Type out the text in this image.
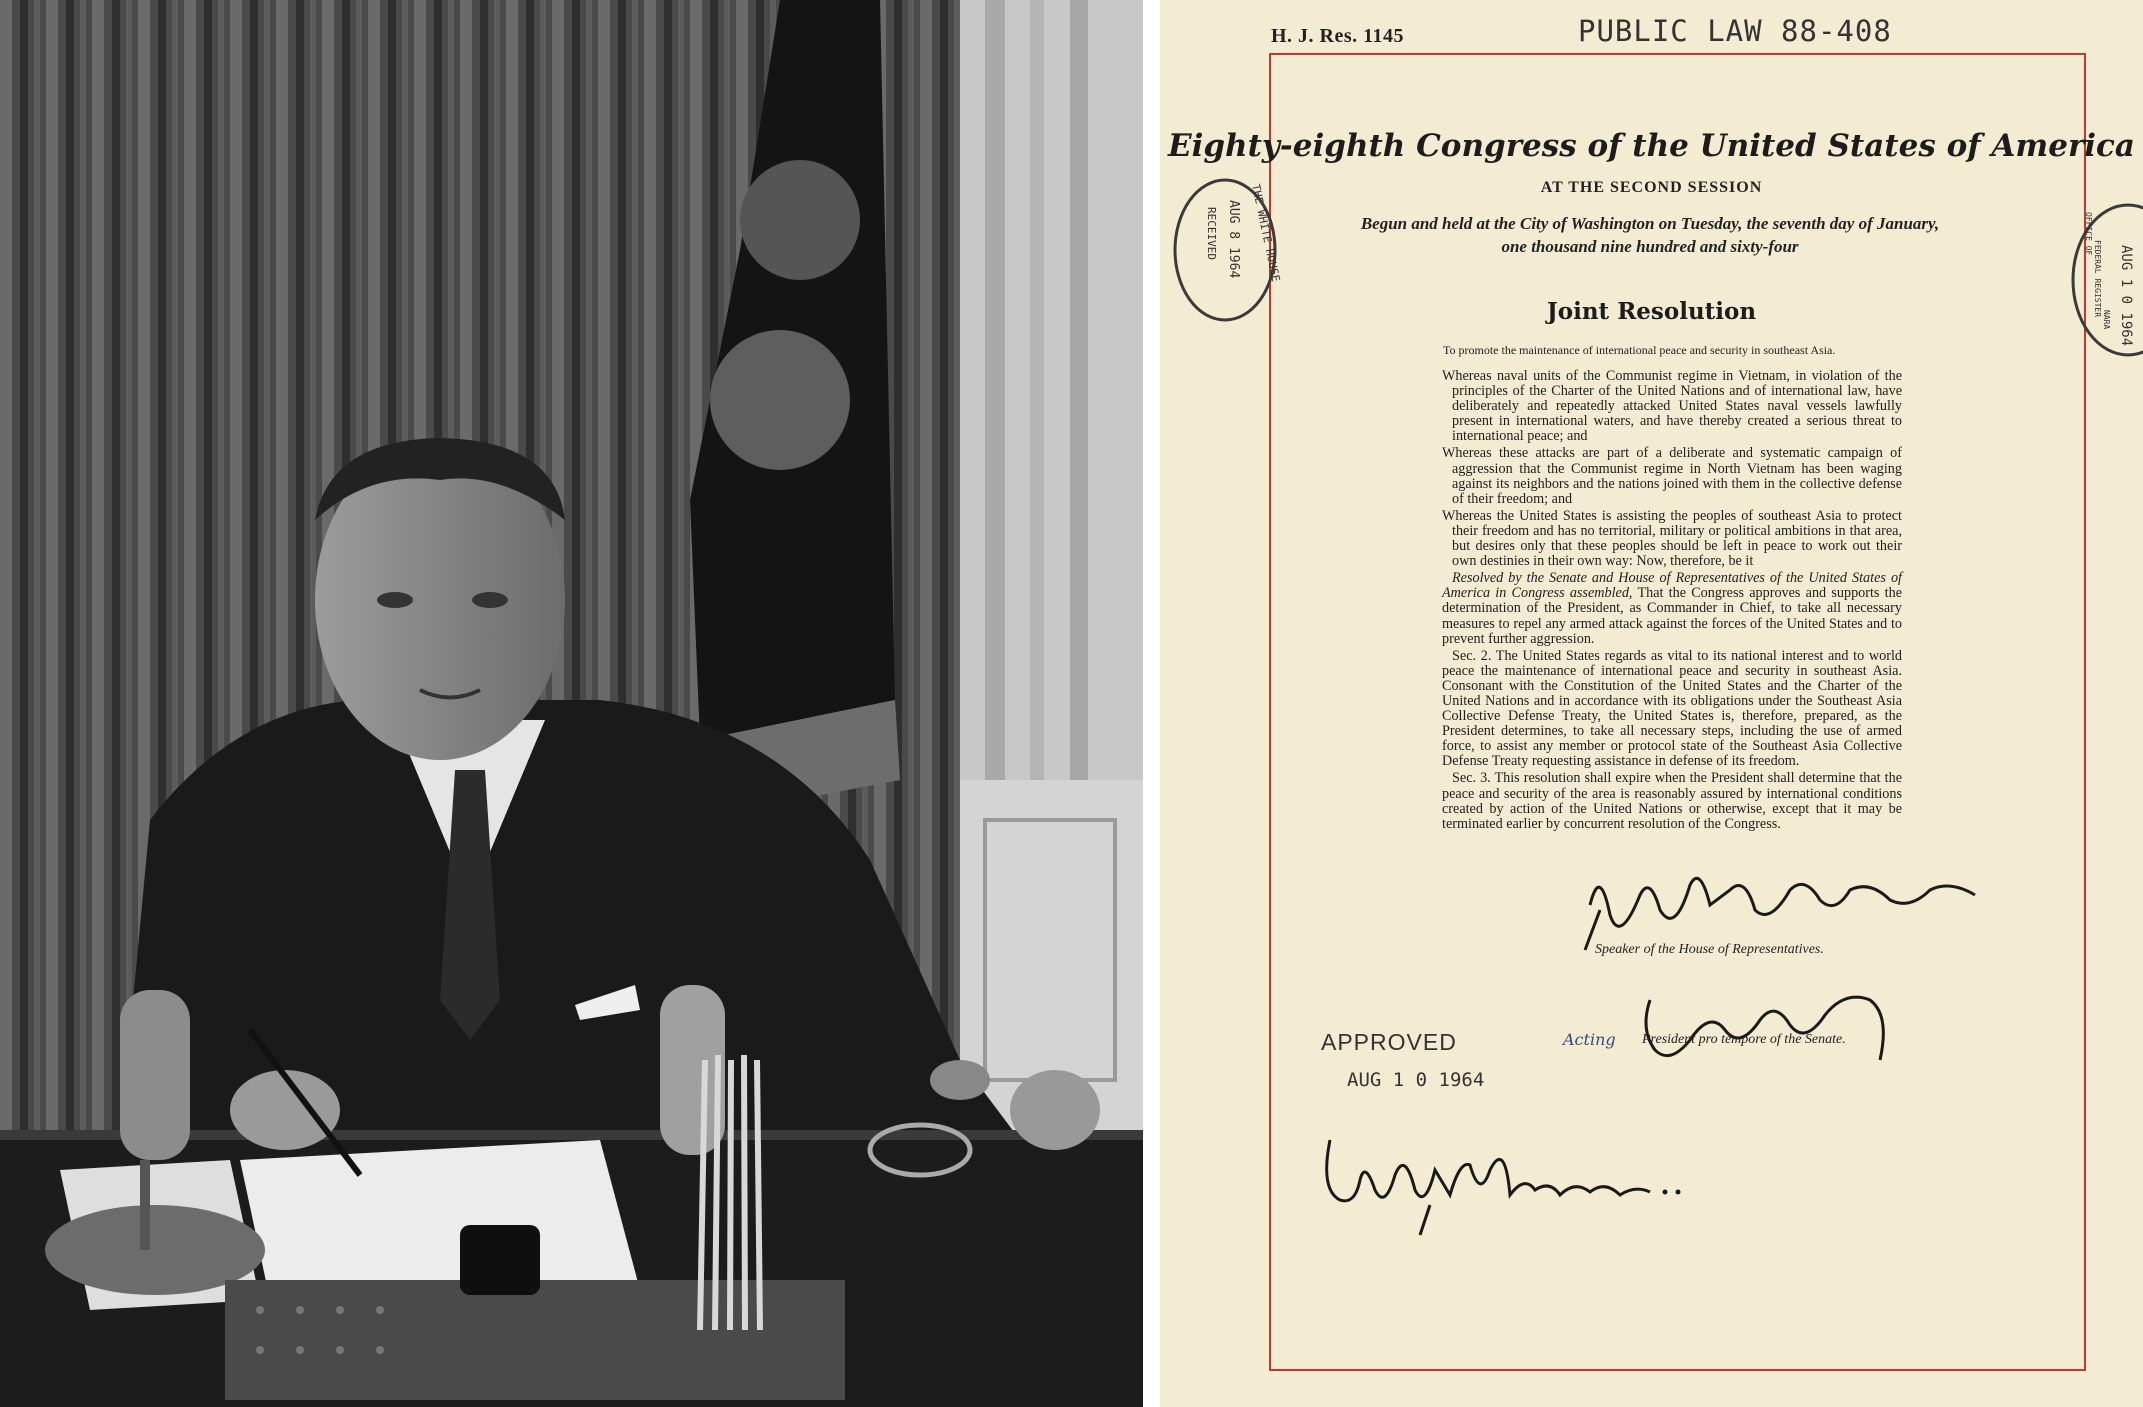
H. J. Res. 1145	PUBLIC LAW 88-408
THE WHITE HOUSE
AUG 8 1964
RECEIVED	OFFICE OF
FEDERAL REGISTER
NARA AUG 1 0 1964
Eighty-eighth Congress of the United States of America
AT THE SECOND SESSION
Begun and held at the City of Washington on Tuesday, the seventh day of January,
one thousand nine hundred and sixty-four
Joint Resolution
To promote the maintenance of international peace and security in southeast Asia.

Whereas naval units of the Communist regime in Vietnam, in violation of the principles of the Charter of the United Nations and of international law, have deliberately and repeatedly attacked United States naval vessels lawfully present in international waters, and have thereby created a serious threat to international peace; and

Whereas these attacks are part of a deliberate and systematic campaign of aggression that the Communist regime in North Vietnam has been waging against its neighbors and the nations joined with them in the collective defense of their freedom; and

Whereas the United States is assisting the peoples of southeast Asia to protect their freedom and has no territorial, military or political ambitions in that area, but desires only that these peoples should be left in peace to work out their own destinies in their own way: Now, therefore, be it

Resolved by the Senate and House of Representatives of the United States of America in Congress assembled, That the Congress approves and supports the determination of the President, as Commander in Chief, to take all necessary measures to repel any armed attack against the forces of the United States and to prevent further aggression.

Sec. 2. The United States regards as vital to its national interest and to world peace the maintenance of international peace and security in southeast Asia. Consonant with the Constitution of the United States and the Charter of the United Nations and in accordance with its obligations under the Southeast Asia Collective Defense Treaty, the United States is, therefore, prepared, as the President determines, to take all necessary steps, including the use of armed force, to assist any member or protocol state of the Southeast Asia Collective Defense Treaty requesting assistance in defense of its freedom.

Sec. 3. This resolution shall expire when the President shall determine that the peace and security of the area is reasonably assured by international conditions created by action of the United Nations or otherwise, except that it may be terminated earlier by concurrent resolution of the Congress.

Speaker of the House of Representatives.
Acting President pro tempore of the Senate.
APPROVED
AUG 1 0 1964
